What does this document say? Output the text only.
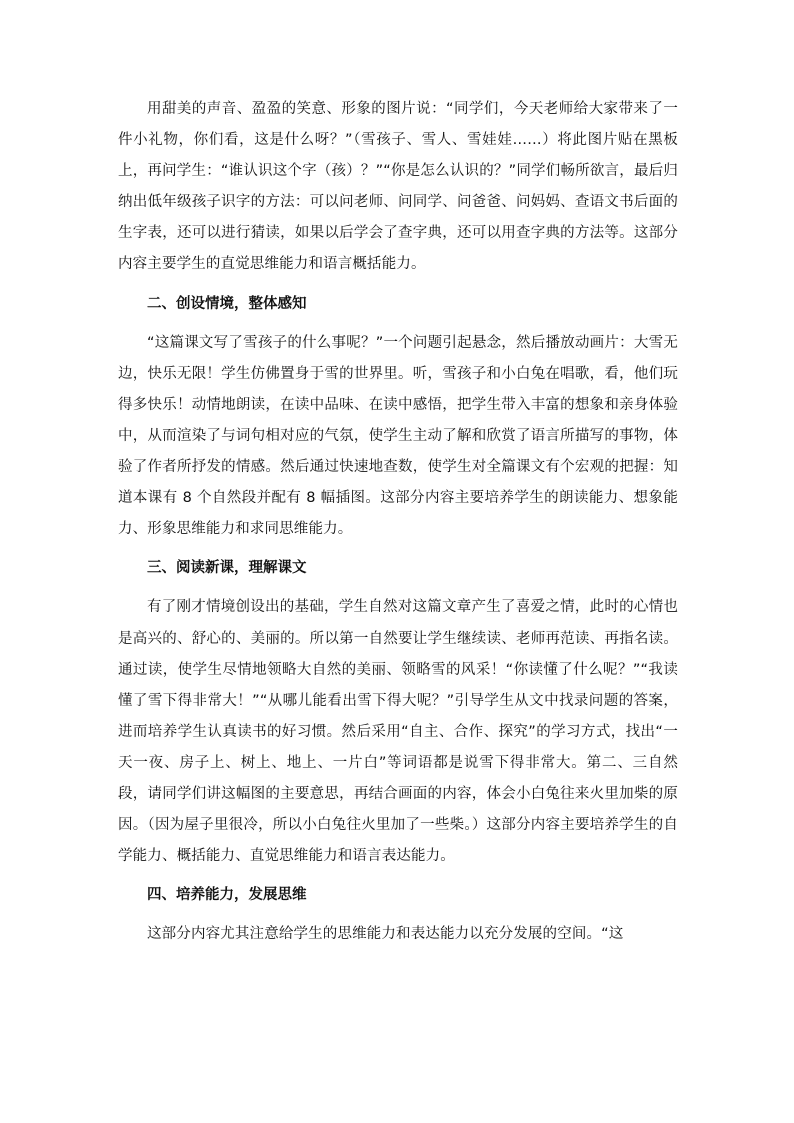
用甜美的声音、盈盈的笑意、形象的图片说：“同学们，今天老师给大家带来了一件小礼物，你们看，这是什么呀？”（雪孩子、雪人、雪娃娃……）将此图片贴在黑板上，再问学生：“谁认识这个字（孩）？”“你是怎么认识的？”同学们畅所欲言，最后归纳出低年级孩子识字的方法：可以问老师、问同学、问爸爸、问妈妈、查语文书后面的生字表，还可以进行猜读，如果以后学会了查字典，还可以用查字典的方法等。这部分内容主要学生的直觉思维能力和语言概括能力。

二、创设情境，整体感知

“这篇课文写了雪孩子的什么事呢？”一个问题引起悬念，然后播放动画片：大雪无边，快乐无限！学生仿佛置身于雪的世界里。听，雪孩子和小白兔在唱歌，看，他们玩得多快乐！动情地朗读，在读中品味、在读中感悟，把学生带入丰富的想象和亲身体验中，从而渲染了与词句相对应的气氛，使学生主动了解和欣赏了语言所描写的事物，体验了作者所抒发的情感。然后通过快速地查数，使学生对全篇课文有个宏观的把握：知道本课有 8 个自然段并配有 8 幅插图。这部分内容主要培养学生的朗读能力、想象能力、形象思维能力和求同思维能力。

三、阅读新课，理解课文

有了刚才情境创设出的基础，学生自然对这篇文章产生了喜爱之情，此时的心情也是高兴的、舒心的、美丽的。所以第一自然要让学生继续读、老师再范读、再指名读。通过读，使学生尽情地领略大自然的美丽、领略雪的风采！“你读懂了什么呢？”“我读懂了雪下得非常大！”“从哪儿能看出雪下得大呢？”引导学生从文中找录问题的答案，进而培养学生认真读书的好习惯。然后采用“自主、合作、探究”的学习方式，找出“一天一夜、房子上、树上、地上、一片白”等词语都是说雪下得非常大。第二、三自然段，请同学们讲这幅图的主要意思，再结合画面的内容，体会小白兔往来火里加柴的原因。（因为屋子里很冷，所以小白兔往火里加了一些柴。）这部分内容主要培养学生的自学能力、概括能力、直觉思维能力和语言表达能力。

四、培养能力，发展思维

这部分内容尤其注意给学生的思维能力和表达能力以充分发展的空间。“这
